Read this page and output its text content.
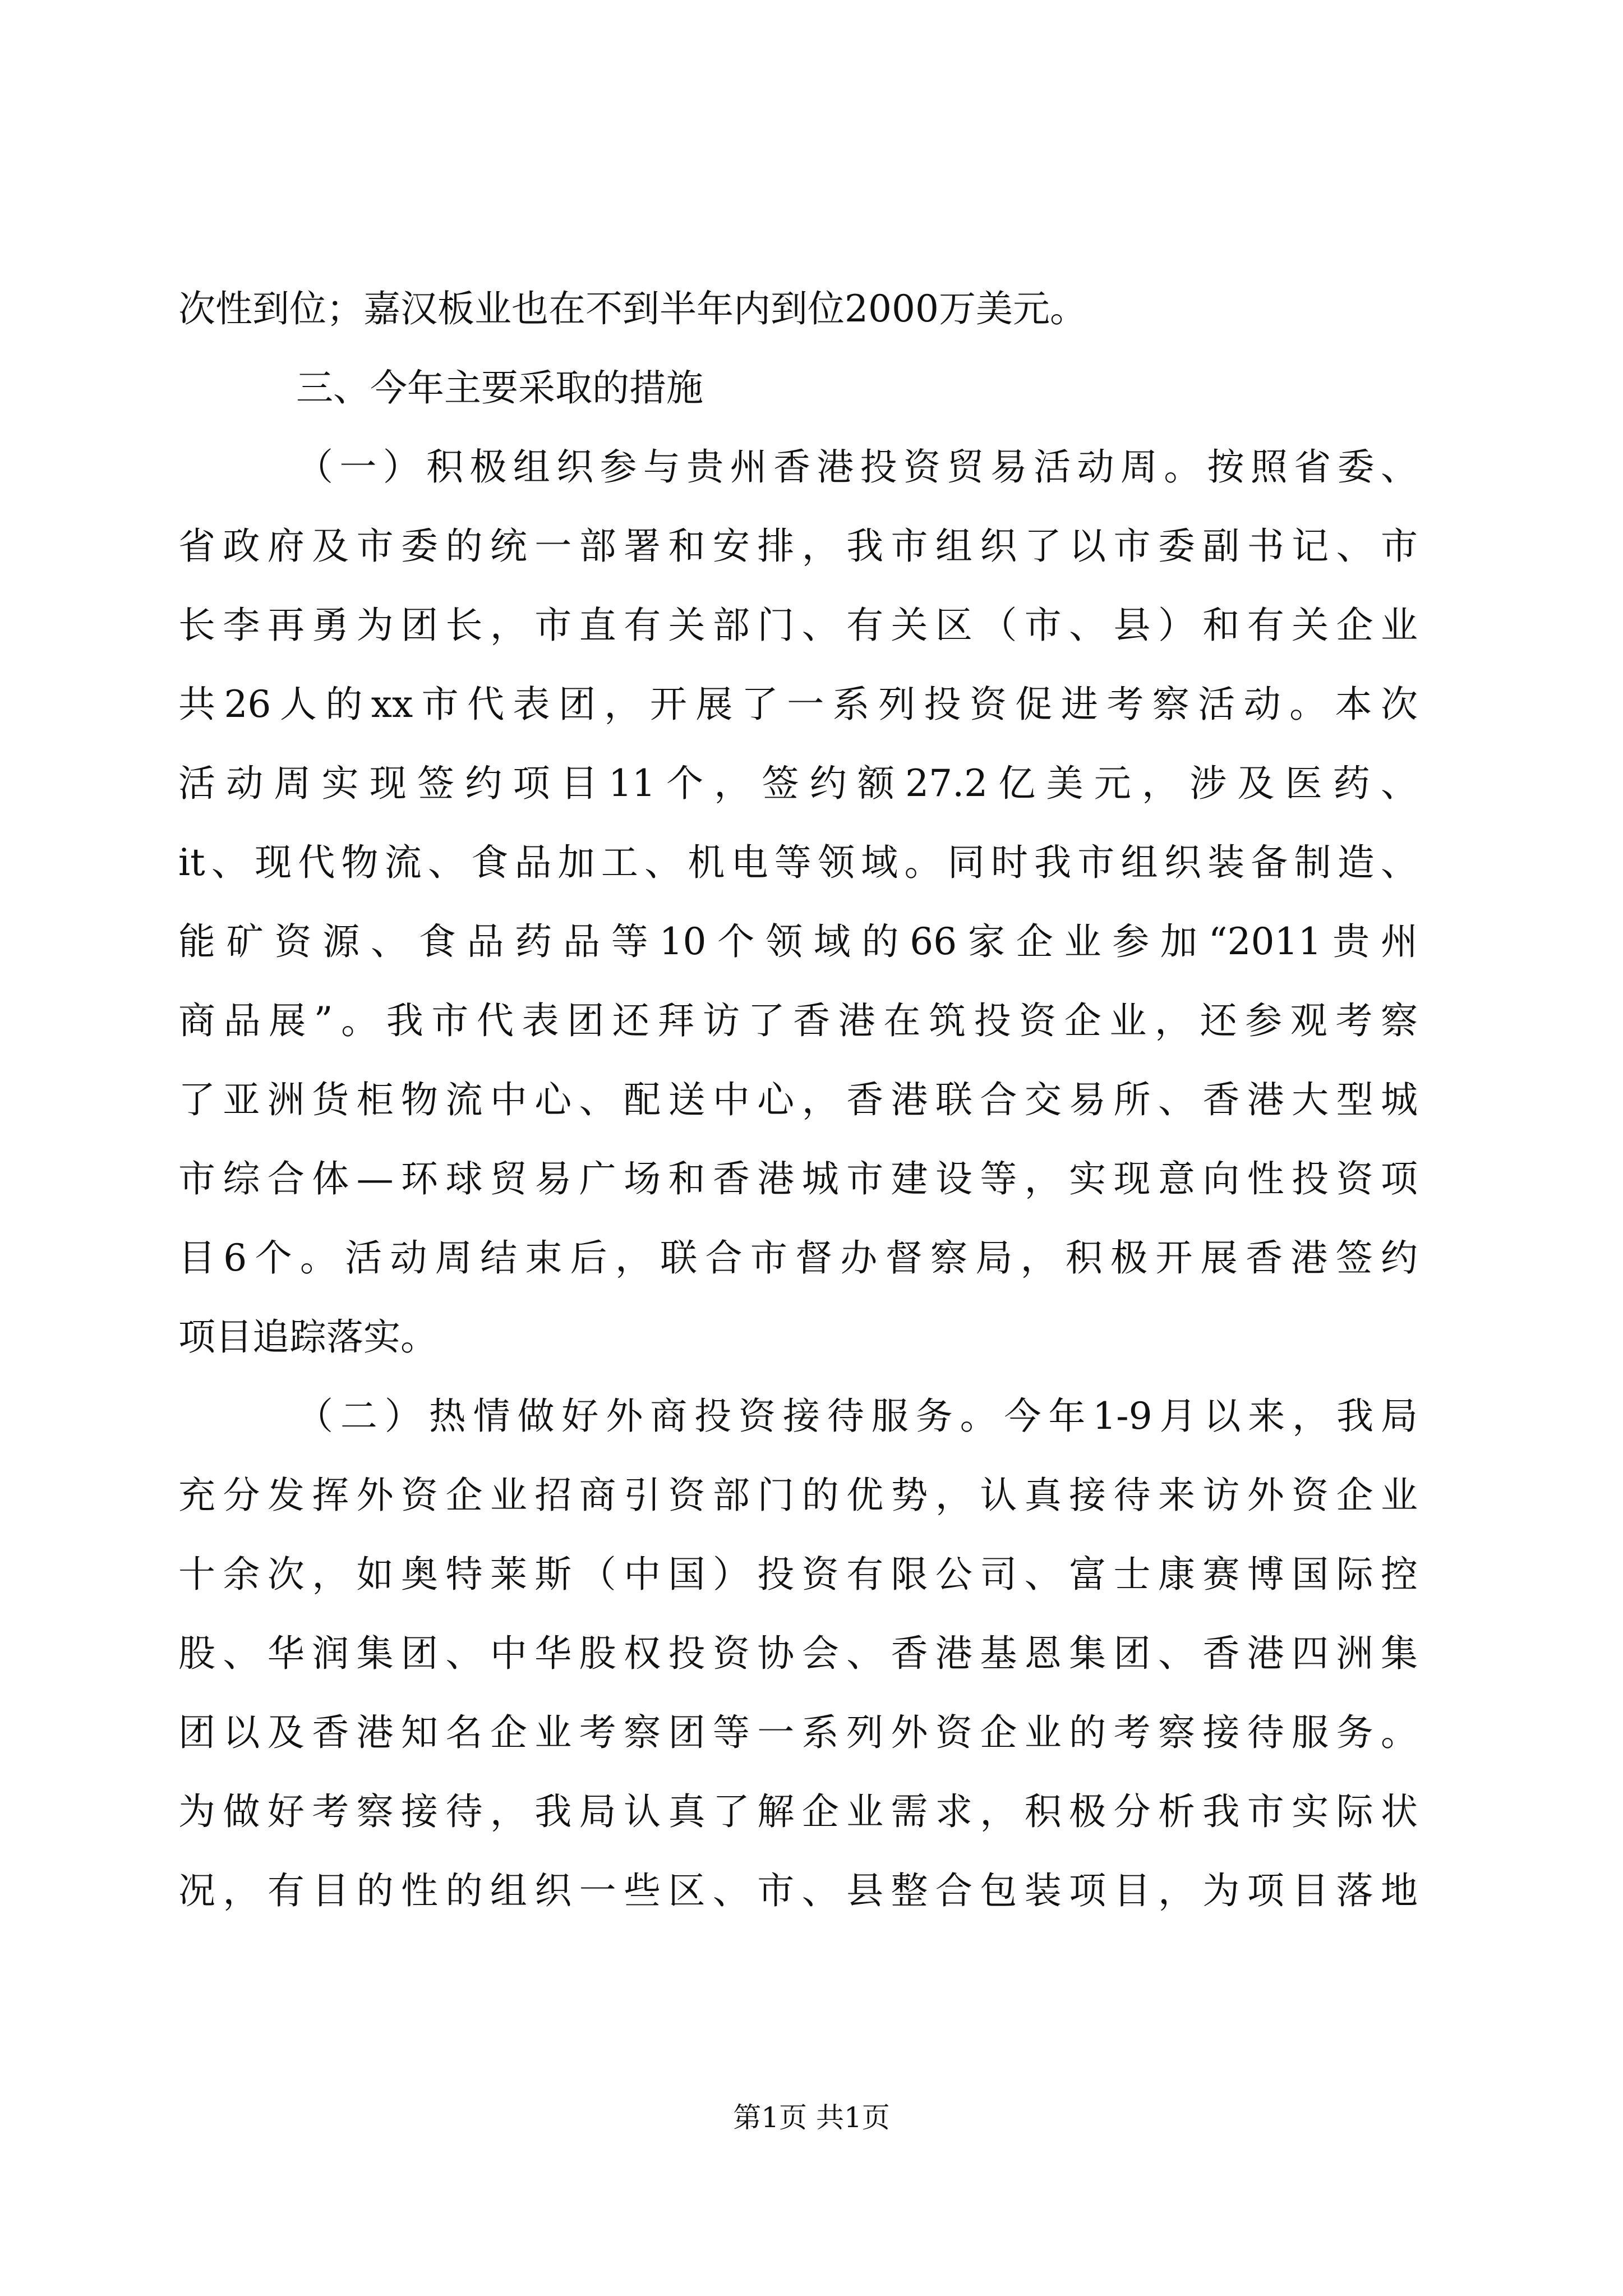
次性到位；嘉汉板业也在不到半年内到位2000万美元。
三、今年主要采取的措施
（一）积极组织参与贵州香港投资贸易活动周。按照省委、
省政府及市委的统一部署和安排，我市组织了以市委副书记、市
长李再勇为团长，市直有关部门、有关区（市、县）和有关企业
共26人的xx市代表团，开展了一系列投资促进考察活动。本次
活动周实现签约项目11个，签约额27.2亿美元，涉及医药、
it、现代物流、食品加工、机电等领域。同时我市组织装备制造、
能矿资源、食品药品等10个领域的66家企业参加“2011贵州
商品展”。我市代表团还拜访了香港在筑投资企业，还参观考察
了亚洲货柜物流中心、配送中心，香港联合交易所、香港大型城
市综合体—环球贸易广场和香港城市建设等，实现意向性投资项
目6个。活动周结束后，联合市督办督察局，积极开展香港签约
项目追踪落实。
（二）热情做好外商投资接待服务。今年1-9月以来，我局
充分发挥外资企业招商引资部门的优势，认真接待来访外资企业
十余次，如奥特莱斯（中国）投资有限公司、富士康赛博国际控
股、华润集团、中华股权投资协会、香港基恩集团、香港四洲集
团以及香港知名企业考察团等一系列外资企业的考察接待服务。
为做好考察接待，我局认真了解企业需求，积极分析我市实际状
况，有目的性的组织一些区、市、县整合包装项目，为项目落地
第1页 共1页
